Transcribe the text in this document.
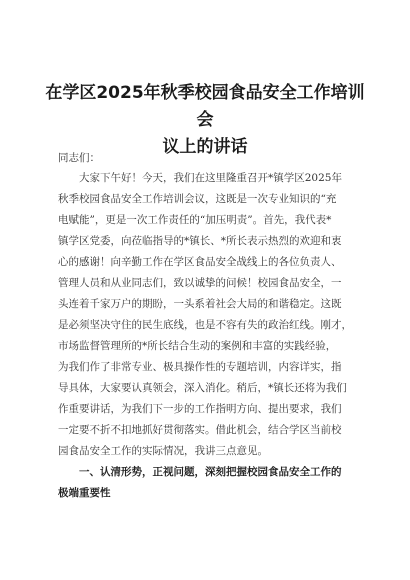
在学区2025年秋季校园食品安全工作培训会
议上的讲话
同志们：
大家下午好！今天，我们在这里隆重召开*镇学区2025年
秋季校园食品安全工作培训会议，这既是一次专业知识的“充
电赋能”，更是一次工作责任的“加压明责”。首先，我代表*
镇学区党委，向莅临指导的*镇长、*所长表示热烈的欢迎和衷
心的感谢！向辛勤工作在学区食品安全战线上的各位负责人、
管理人员和从业同志们，致以诚挚的问候！校园食品安全，一
头连着千家万户的期盼，一头系着社会大局的和谐稳定。这既
是必须坚决守住的民生底线，也是不容有失的政治红线。刚才，
市场监督管理所的*所长结合生动的案例和丰富的实践经验，
为我们作了非常专业、极具操作性的专题培训，内容详实，指
导具体，大家要认真领会，深入消化。稍后，*镇长还将为我们
作重要讲话，为我们下一步的工作指明方向、提出要求，我们
一定要不折不扣地抓好贯彻落实。借此机会，结合学区当前校
园食品安全工作的实际情况，我讲三点意见。
一、认清形势，正视问题，深刻把握校园食品安全工作的
极端重要性
